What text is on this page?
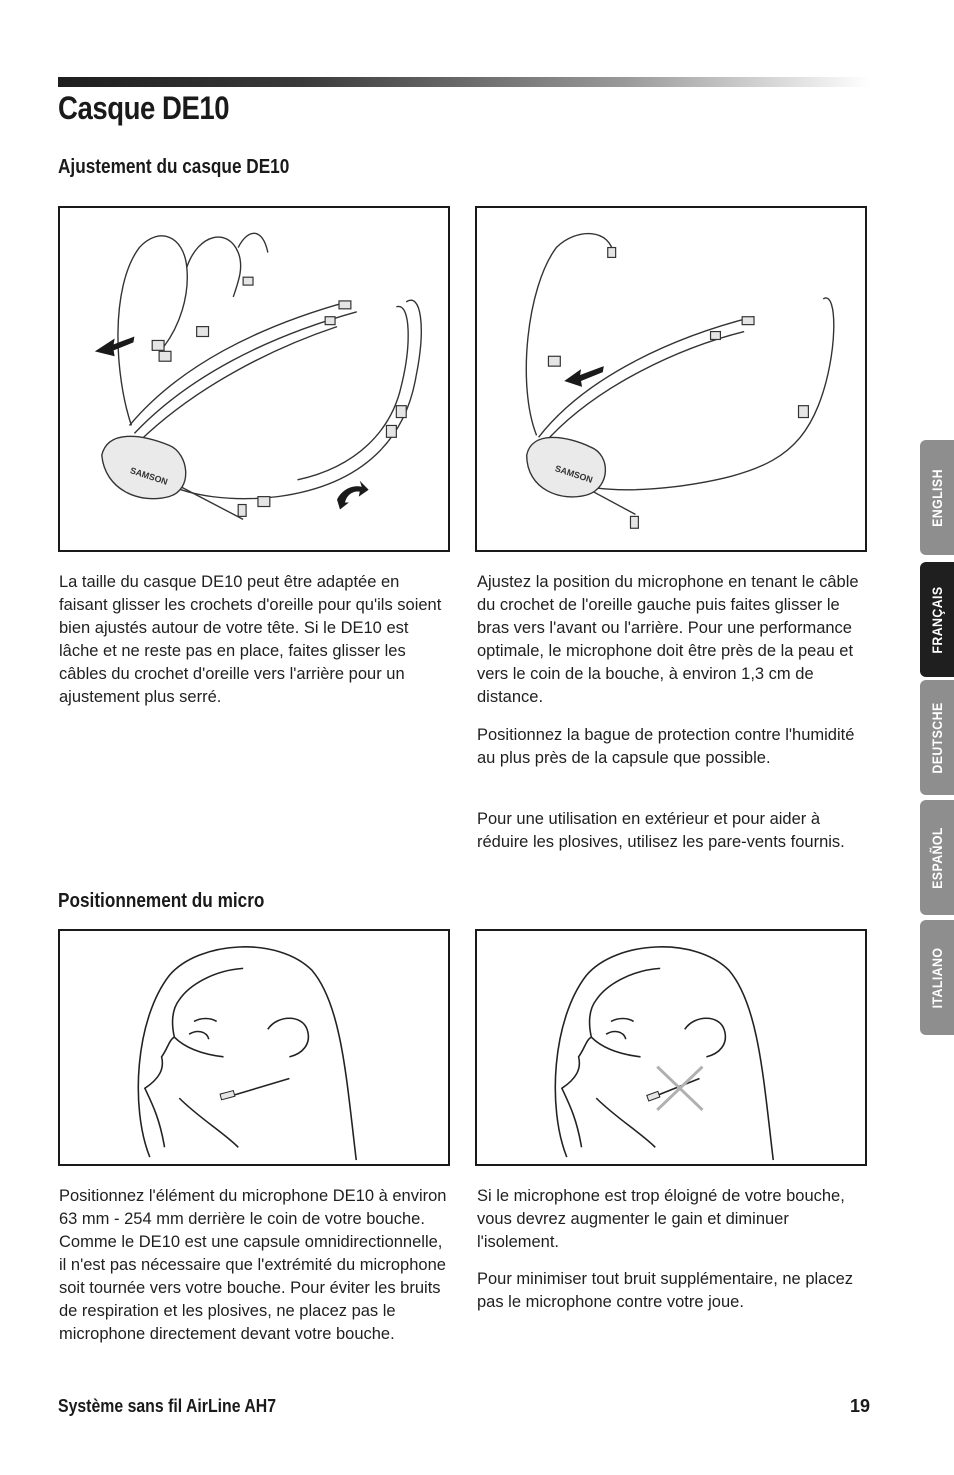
Casque DE10
Ajustement du casque DE10
SAMSON	SAMSON

La taille du casque DE10 peut être adaptée en faisant glisser les crochets d'oreille pour qu'ils soient bien ajustés autour de votre tête. Si le DE10 est lâche et ne reste pas en place, faites glisser les câbles du crochet d'oreille vers l'arrière pour un ajustement plus serré.

Ajustez la position du microphone en tenant le câble du crochet de l'oreille gauche puis faites glisser le bras vers l'avant ou l'arrière. Pour une performance optimale, le microphone doit être près de la peau et vers le coin de la bouche, à environ 1,3 cm de distance.

Positionnez la bague de protection contre l'humidité au plus près de la capsule que possible.

Pour une utilisation en extérieur et pour aider à réduire les plosives, utilisez les pare-vents fournis.

Positionnement du micro

Positionnez l'élément du microphone DE10 à environ 63 mm - 254 mm derrière le coin de votre bouche. Comme le DE10 est une capsule omnidirectionnelle, il n'est pas nécessaire que l'extrémité du microphone soit tournée vers votre bouche. Pour éviter les bruits de respiration et les plosives, ne placez pas le microphone directement devant votre bouche.

Si le microphone est trop éloigné de votre bouche, vous devrez augmenter le gain et diminuer l'isolement.

Pour minimiser tout bruit supplémentaire, ne placez pas le microphone contre votre joue.

ENGLISH
FRANÇAIS
DEUTSCHE
ESPAÑOL
ITALIANO

Système sans fil AirLine AH7	19
